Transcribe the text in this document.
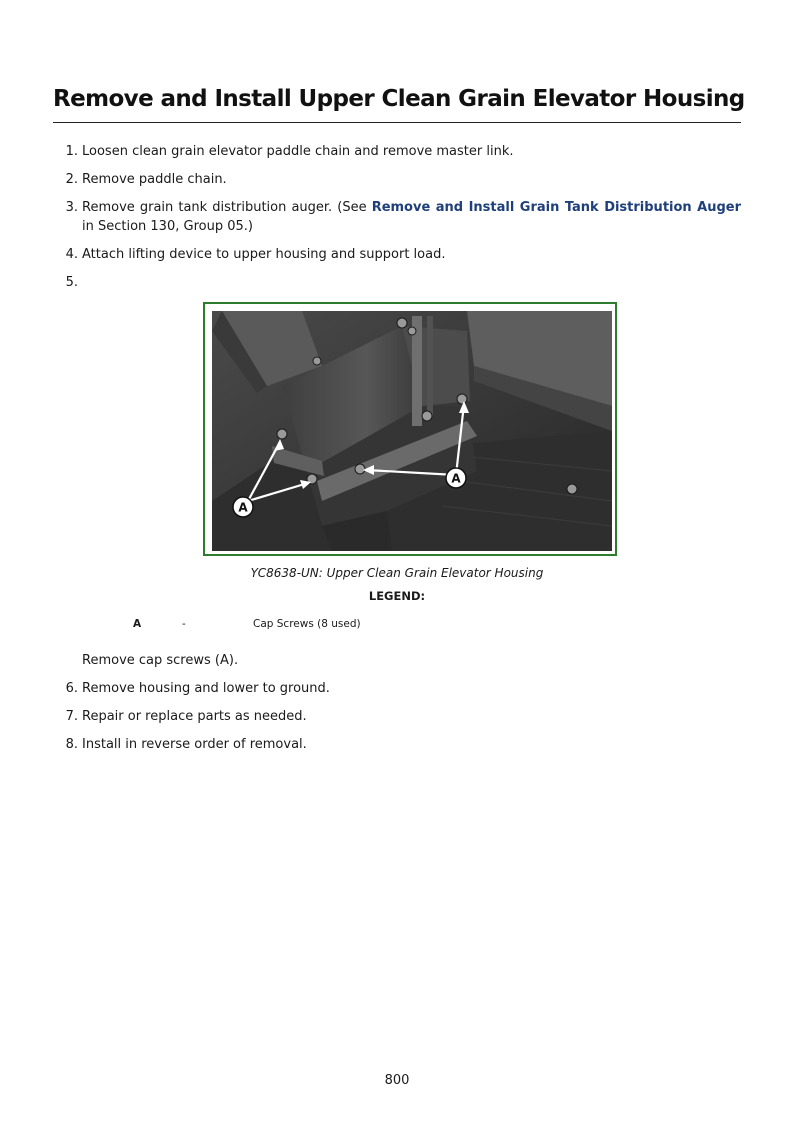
Remove and Install Upper Clean Grain Elevator Housing
1. Loosen clean grain elevator paddle chain and remove master link.
2. Remove paddle chain.
3. Remove grain tank distribution auger. (See Remove and Install Grain Tank Distribution Auger in Section 130, Group 05.)
4. Attach lifting device to upper housing and support load.
5.
A
A
YC8638-UN: Upper Clean Grain Elevator Housing
LEGEND:
A	-	Cap Screws (8 used)
Remove cap screws (A).
6. Remove housing and lower to ground.
7. Repair or replace parts as needed.
8. Install in reverse order of removal.
800
